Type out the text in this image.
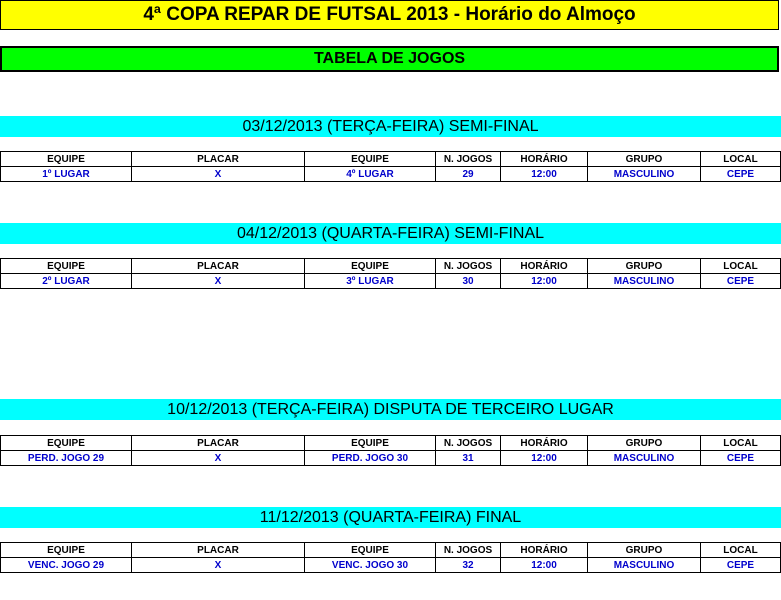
4ª COPA REPAR DE FUTSAL 2013 - Horário do Almoço
TABELA DE JOGOS
03/12/2013 (TERÇA-FEIRA) SEMI-FINAL
EQUIPE	PLACAR	EQUIPE	N. JOGOS	HORÁRIO	GRUPO	LOCAL
1º LUGAR	X	4º LUGAR	29	12:00	MASCULINO	CEPE
04/12/2013 (QUARTA-FEIRA) SEMI-FINAL
EQUIPE	PLACAR	EQUIPE	N. JOGOS	HORÁRIO	GRUPO	LOCAL
2º LUGAR	X	3º LUGAR	30	12:00	MASCULINO	CEPE
10/12/2013 (TERÇA-FEIRA) DISPUTA DE TERCEIRO LUGAR
EQUIPE	PLACAR	EQUIPE	N. JOGOS	HORÁRIO	GRUPO	LOCAL
PERD. JOGO 29	X	PERD. JOGO 30	31	12:00	MASCULINO	CEPE
11/12/2013 (QUARTA-FEIRA) FINAL
EQUIPE	PLACAR	EQUIPE	N. JOGOS	HORÁRIO	GRUPO	LOCAL
VENC. JOGO 29	X	VENC. JOGO 30	32	12:00	MASCULINO	CEPE
